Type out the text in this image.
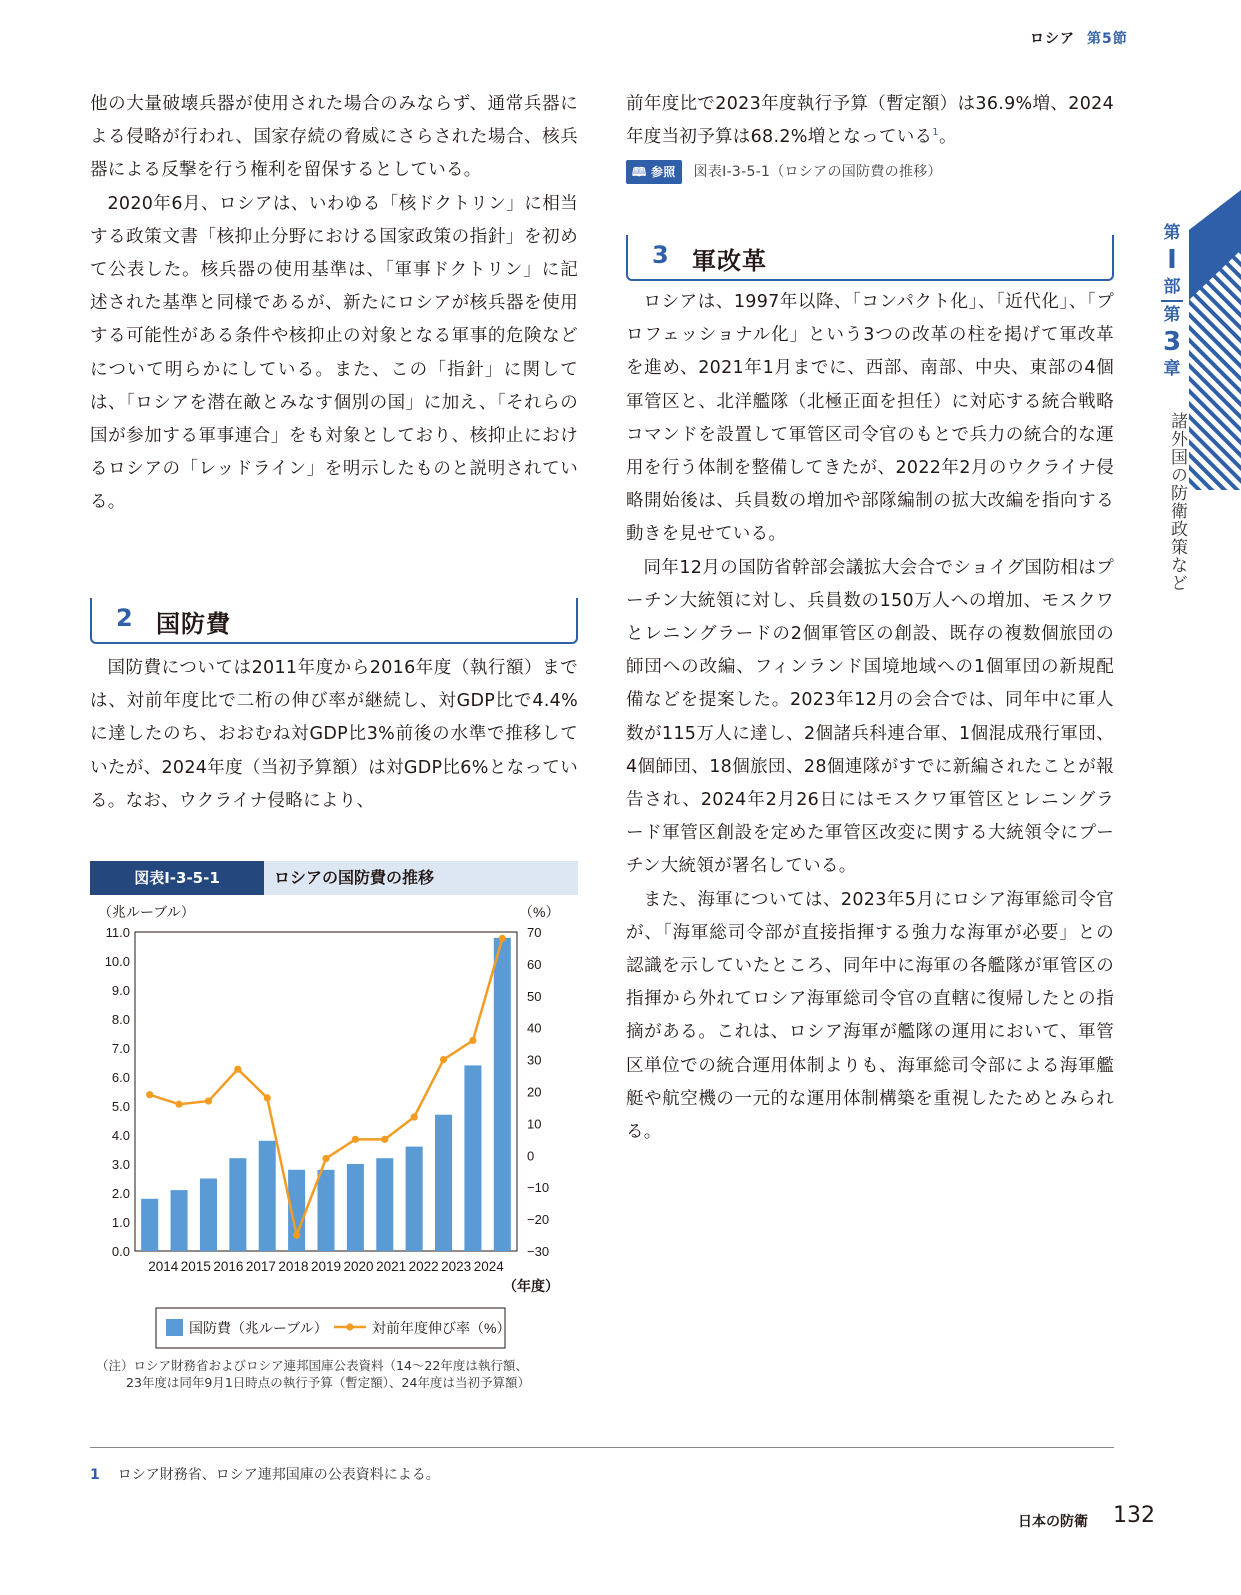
ロシア 第5節
第
I
部
第
3
章
諸外国の防衛政策など

他の大量破壊兵器が使用された場合のみならず、通常兵器による侵略が行われ、国家存続の脅威にさらされた場合、核兵器による反撃を行う権利を留保するとしている。

2020年6月、ロシアは、いわゆる「核ドクトリン」に相当する政策文書「核抑止分野における国家政策の指針」を初めて公表した。核兵器の使用基準は、「軍事ドクトリン」に記述された基準と同様であるが、新たにロシアが核兵器を使用する可能性がある条件や核抑止の対象となる軍事的危険などについて明らかにしている。また、この「指針」に関しては、「ロシアを潜在敵とみなす個別の国」に加え、「それらの国が参加する軍事連合」をも対象としており、核抑止におけるロシアの「レッドライン」を明示したものと説明されている。

2 国防費

国防費については2011年度から2016年度（執行額）までは、対前年度比で二桁の伸び率が継続し、対GDP比で4.4%に達したのち、おおむね対GDP比3%前後の水準で推移していたが、2024年度（当初予算額）は対GDP比6%となっている。なお、ウクライナ侵略により、

前年度比で2023年度執行予算（暫定額）は36.9%増、2024年度当初予算は68.2%増となっている$^1$。

🕮 参照	図表Ⅰ-3-5-1（ロシアの国防費の推移）
3 軍改革

ロシアは、1997年以降、「コンパクト化」、「近代化」、「プロフェッショナル化」という3つの改革の柱を掲げて軍改革を進め、2021年1月までに、西部、南部、中央、東部の4個軍管区と、北洋艦隊（北極正面を担任）に対応する統合戦略コマンドを設置して軍管区司令官のもとで兵力の統合的な運用を行う体制を整備してきたが、2022年2月のウクライナ侵略開始後は、兵員数の増加や部隊編制の拡大改編を指向する動きを見せている。

同年12月の国防省幹部会議拡大会合でショイグ国防相はプーチン大統領に対し、兵員数の150万人への増加、モスクワとレニングラードの2個軍管区の創設、既存の複数個旅団の師団への改編、フィンランド国境地域への1個軍団の新規配備などを提案した。2023年12月の会合では、同年中に軍人数が115万人に達し、2個諸兵科連合軍、1個混成飛行軍団、4個師団、18個旅団、28個連隊がすでに新編されたことが報告され、2024年2月26日にはモスクワ軍管区とレニングラード軍管区創設を定めた軍管区改変に関する大統領令にプーチン大統領が署名している。

また、海軍については、2023年5月にロシア海軍総司令官が、「海軍総司令部が直接指揮する強力な海軍が必要」との認識を示していたところ、同年中に海軍の各艦隊が軍管区の指揮から外れてロシア海軍総司令官の直轄に復帰したとの指摘がある。これは、ロシア海軍が艦隊の運用において、軍管区単位での統合運用体制よりも、海軍総司令部による海軍艦艇や航空機の一元的な運用体制構築を重視したためとみられる。

図表Ⅰ-3-5-1	ロシアの国防費の推移
（兆ルーブル）	（%）
11.0
10.0
9.0
8.0
7.0
6.0
5.0
4.0
3.0
2.0
1.0
0.0
70
60
50
40
30
20
10
0
−10
−20
−30
2014 2015 2016 2017 2018 2019 2020 2021 2022 2023 2024
（年度）
国防費（兆ルーブル）	対前年度伸び率（%）
（注）ロシア財務省およびロシア連邦国庫公表資料（14〜22年度は執行額、
23年度は同年9月1日時点の執行予算（暫定額）、24年度は当初予算額）
1 ロシア財務省、ロシア連邦国庫の公表資料による。
日本の防衛 132
